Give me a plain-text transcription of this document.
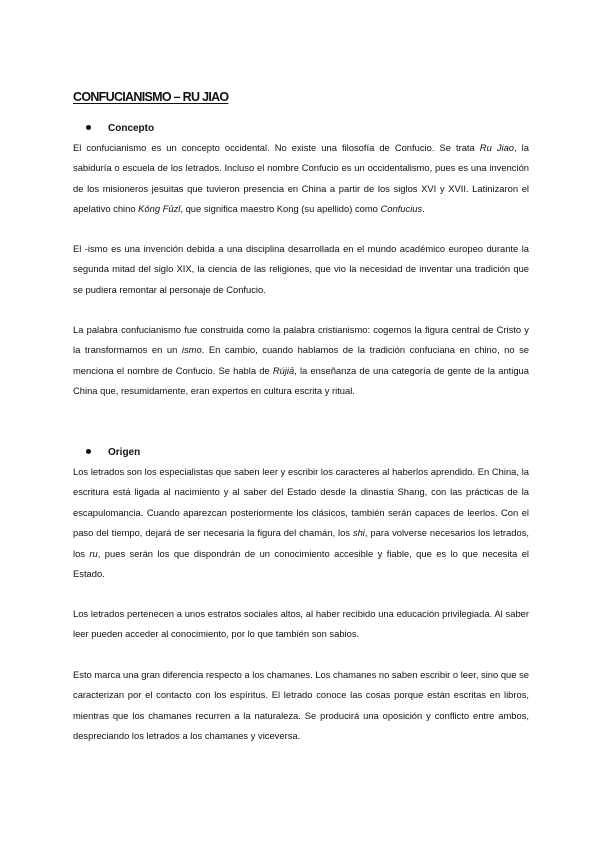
CONFUCIANISMO – RU JIAO
Concepto
El confucianismo es un concepto occidental. No existe una filosofía de Confucio. Se trata Ru Jiao, la sabiduría o escuela de los letrados. Incluso el nombre Confucio es un occidentalismo, pues es una invención de los misioneros jesuitas que tuvieron presencia en China a partir de los siglos XVI y XVII. Latinizaron el apelativo chino Kǒng Fūzǐ, que significa maestro Kong (su apellido) como Confucius.
El -ismo es una invención debida a una disciplina desarrollada en el mundo académico europeo durante la segunda mitad del siglo XIX, la ciencia de las religiones, que vio la necesidad de inventar una tradición que se pudiera remontar al personaje de Confucio.
La palabra confucianismo fue construida como la palabra cristianismo: cogemos la figura central de Cristo y la transformamos en un ismo. En cambio, cuando hablamos de la tradición confuciana en chino, no se menciona el nombre de Confucio. Se habla de Rújiā, la enseñanza de una categoría de gente de la antigua China que, resumidamente, eran expertos en cultura escrita y ritual.
Origen
Los letrados son los especialistas que saben leer y escribir los caracteres al haberlos aprendido. En China, la escritura está ligada al nacimiento y al saber del Estado desde la dinastía Shang, con las prácticas de la escapulomancia. Cuando aparezcan posteriormente los clásicos, también serán capaces de leerlos. Con el paso del tiempo, dejará de ser necesaria la figura del chamán, los shi, para volverse necesarios los letrados, los ru, pues serán los que dispondrán de un conocimiento accesible y fiable, que es lo que necesita el Estado.
Los letrados pertenecen a unos estratos sociales altos, al haber recibido una educación privilegiada. Al saber leer pueden acceder al conocimiento, por lo que también son sabios.
Esto marca una gran diferencia respecto a los chamanes. Los chamanes no saben escribir o leer, sino que se caracterizan por el contacto con los espíritus. El letrado conoce las cosas porque están escritas en libros, mientras que los chamanes recurren a la naturaleza. Se producirá una oposición y conflicto entre ambos, despreciando los letrados a los chamanes y viceversa.
